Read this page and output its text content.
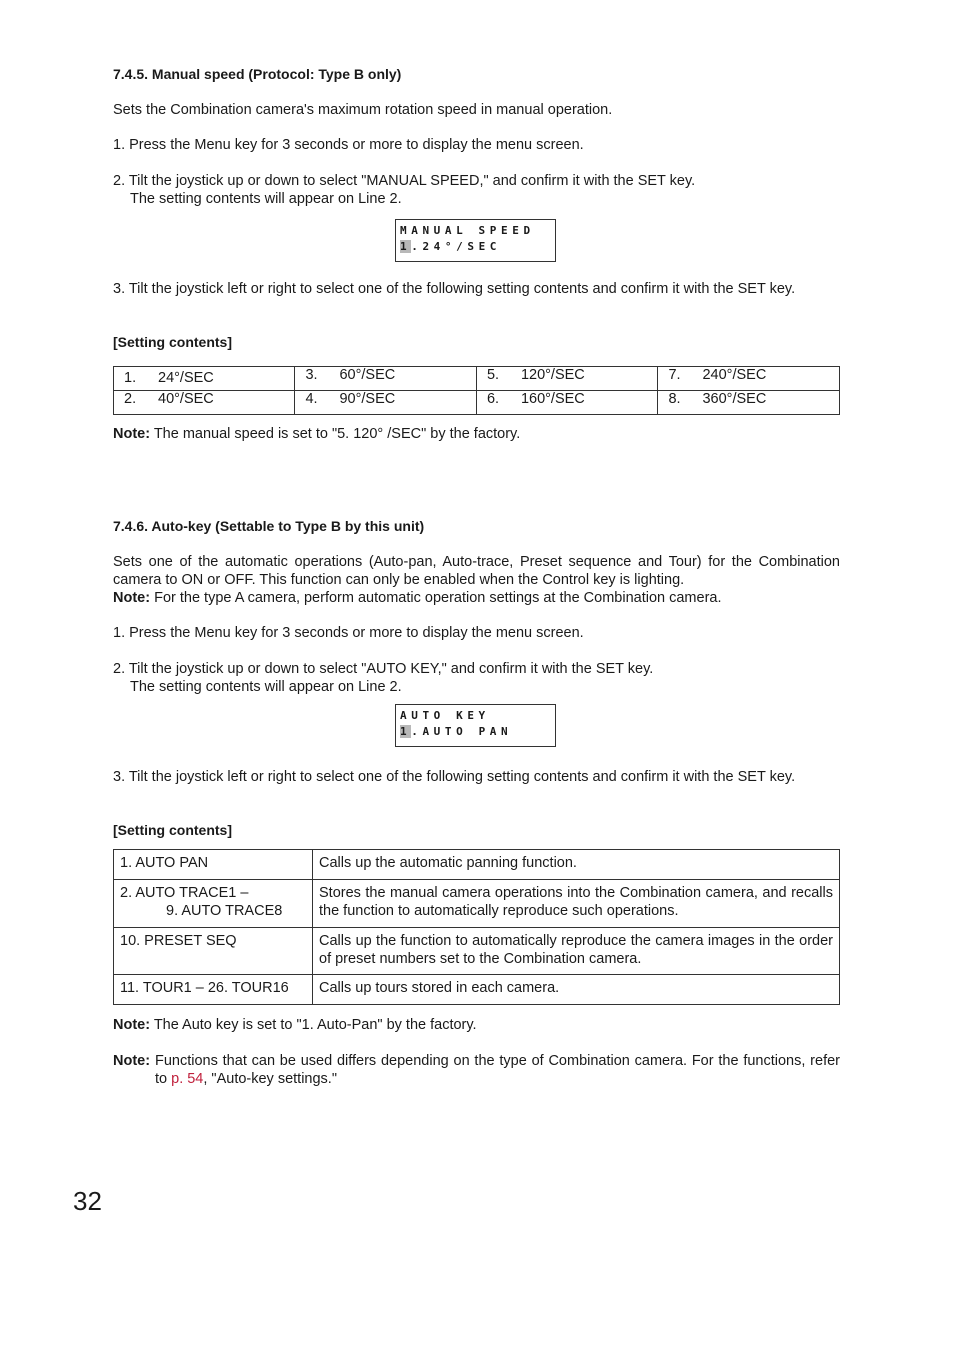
7.4.5. Manual speed (Protocol: Type B only)
Sets the Combination camera's maximum rotation speed in manual operation.
1. Press the Menu key for 3 seconds or more to display the menu screen.
2. Tilt the joystick up or down to select "MANUAL SPEED," and confirm it with the SET key.
The setting contents will appear on Line 2.
MANUAL SPEED
1.24°/SEC
3. Tilt the joystick left or right to select one of the following setting contents and confirm it with the SET key.
[Setting contents]
1. 24°/SEC	3. 60°/SEC	5. 120°/SEC	7. 240°/SEC
2. 40°/SEC	4. 90°/SEC	6. 160°/SEC	8. 360°/SEC
Note: The manual speed is set to "5. 120° /SEC" by the factory.
7.4.6. Auto-key (Settable to Type B by this unit)
Sets one of the automatic operations (Auto-pan, Auto-trace, Preset sequence and Tour) for the Combination camera to ON or OFF. This function can only be enabled when the Control key is lighting.
Note: For the type A camera, perform automatic operation settings at the Combination camera.
1. Press the Menu key for 3 seconds or more to display the menu screen.
2. Tilt the joystick up or down to select "AUTO KEY," and confirm it with the SET key.
The setting contents will appear on Line 2.
AUTO KEY
1.AUTO PAN
3. Tilt the joystick left or right to select one of the following setting contents and confirm it with the SET key.
[Setting contents]
1. AUTO PAN	Calls up the automatic panning function.

2. AUTO TRACE1 –
9. AUTO TRACE8	Stores the manual camera operations into the Combination camera, and recalls the function to automatically reproduce such operations.
10. PRESET SEQ	Calls up the function to automatically reproduce the camera images in the order of preset numbers set to the Combination camera.
11. TOUR1 – 26. TOUR16	Calls up tours stored in each camera.
Note: The Auto key is set to "1. Auto-Pan" by the factory.
Note: Functions that can be used differs depending on the type of Combination camera. For the functions, refer to p. 54, "Auto-key settings."
32
